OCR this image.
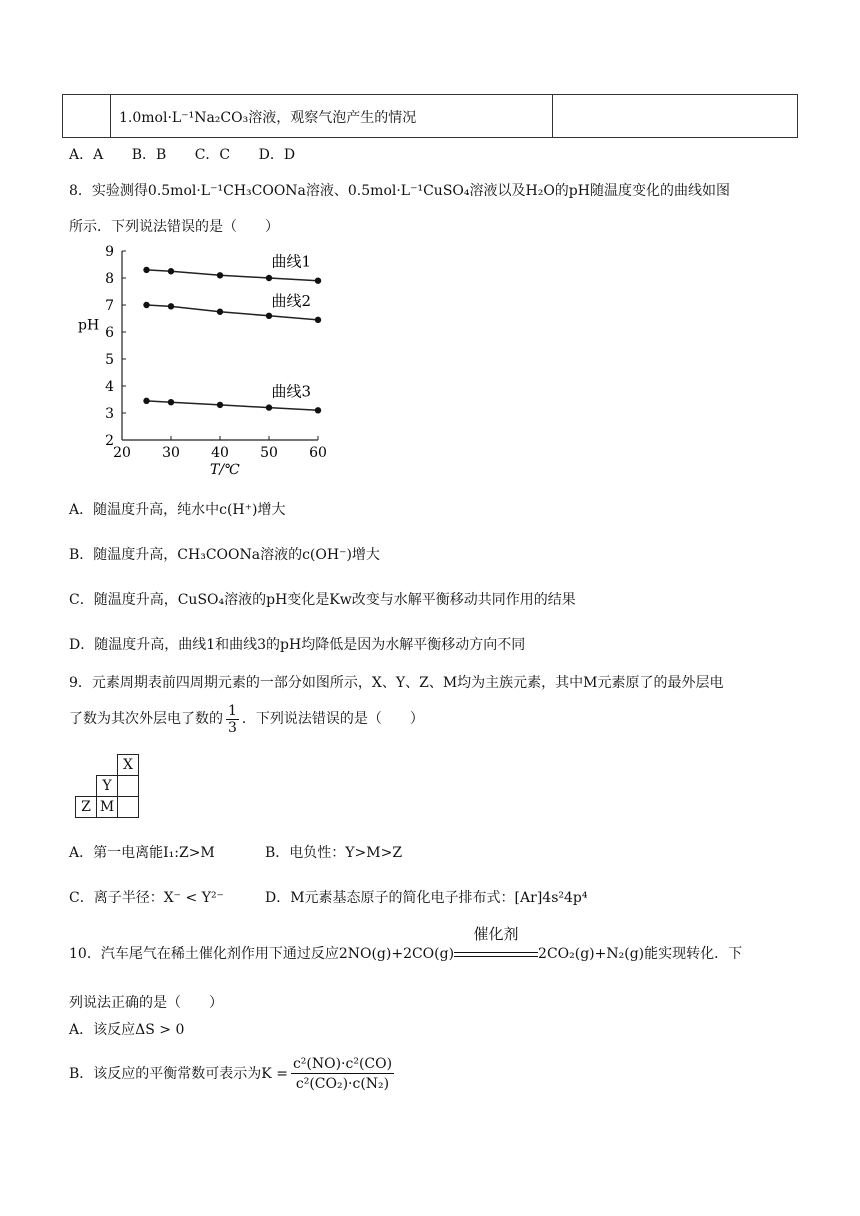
1.0mol·L⁻¹Na₂CO₃溶液，观察气泡产生的情况
A．A B．B C．C D．D
8．实验测得0.5mol·L⁻¹CH₃COONa溶液、0.5mol·L⁻¹CuSO₄溶液以及H₂O的pH随温度变化的曲线如图
所示．下列说法错误的是（　　）
20 30 40 50 60
2
3
4
5
6
7
8
9
pH
T/℃
曲线1
曲线2
曲线3
A．随温度升高，纯水中c(H⁺)增大
B．随温度升高，CH₃COONa溶液的c(OH⁻)增大
C．随温度升高，CuSO₄溶液的pH变化是Kw改变与水解平衡移动共同作用的结果
D．随温度升高，曲线1和曲线3的pH均降低是因为水解平衡移动方向不同
9．元素周期表前四周期元素的一部分如图所示，X、Y、Z、M均为主族元素，其中M元素原了的最外层电
了数为其次外层电了数的 $\frac{1}{3}$ ．下列说法错误的是（　　）
		X
	Y	
Z	M	
A．第一电离能I₁:Z>M	B．电负性：Y>M>Z
C．离子半径：X⁻ < Y²⁻	D．M元素基态原子的简化电子排布式：[Ar]4s²4p⁴
10．汽车尾气在稀土催化剂作用下通过反应2NO(g)+2CO(g)
催化剂
2CO₂(g)+N₂(g)能实现转化．下
列说法正确的是（　　）
A．该反应ΔS > 0
B．该反应的平衡常数可表示为$K = \frac{\text{c²(NO)·c²(CO)}}{\text{c²(CO₂)·c(N₂)}}$
